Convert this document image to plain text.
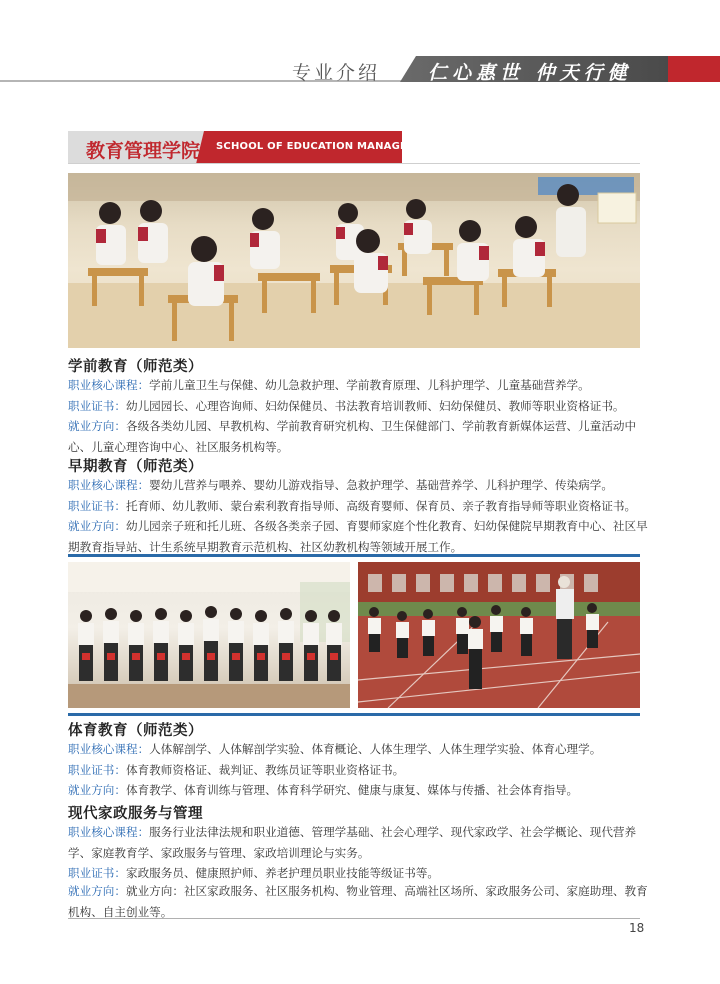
专业介绍	仁心惠世 仲天行健
教育管理学院 SCHOOL OF EDUCATION MANAGEMENT
学前教育（师范类）

职业核心课程：学前儿童卫生与保健、幼儿急救护理、学前教育原理、儿科护理学、儿童基础营养学。

职业证书：幼儿园园长、心理咨询师、妇幼保健员、书法教育培训教师、妇幼保健员、教师等职业资格证书。

就业方向：各级各类幼儿园、早教机构、学前教育研究机构、卫生保健部门、学前教育新媒体运营、儿童活动中心、儿童心理咨询中心、社区服务机构等。

早期教育（师范类）

职业核心课程：婴幼儿营养与喂养、婴幼儿游戏指导、急救护理学、基础营养学、儿科护理学、传染病学。

职业证书：托育师、幼儿教师、蒙台索利教育指导师、高级育婴师、保育员、亲子教育指导师等职业资格证书。

就业方向：幼儿园亲子班和托儿班、各级各类亲子园、育婴师家庭个性化教育、妇幼保健院早期教育中心、社区早期教育指导站、计生系统早期教育示范机构、社区幼教机构等领域开展工作。

体育教育（师范类）

职业核心课程：人体解剖学、人体解剖学实验、体育概论、人体生理学、人体生理学实验、体育心理学。

职业证书：体育教师资格证、裁判证、教练员证等职业资格证书。

就业方向：体育教学、体育训练与管理、体育科学研究、健康与康复、媒体与传播、社会体育指导。

现代家政服务与管理

职业核心课程：服务行业法律法规和职业道德、管理学基础、社会心理学、现代家政学、社会学概论、现代营养学、家庭教育学、家政服务与管理、家政培训理论与实务。

职业证书：家政服务员、健康照护师、养老护理员职业技能等级证书等。

就业方向：就业方向：社区家政服务、社区服务机构、物业管理、高端社区场所、家政服务公司、家庭助理、教育机构、自主创业等。

18
